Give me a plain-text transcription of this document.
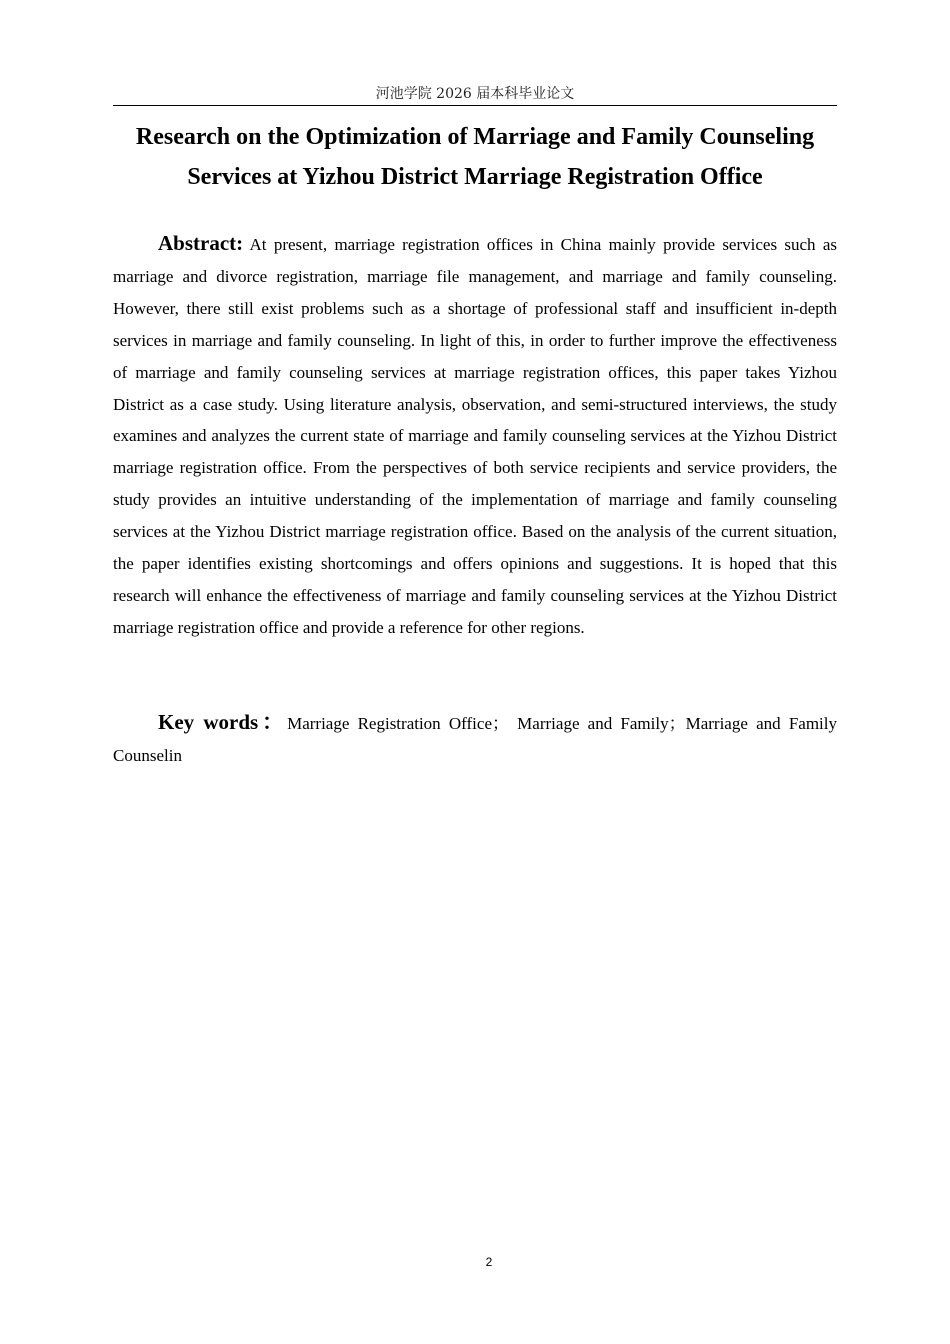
河池学院 2026 届本科毕业论文
Research on the Optimization of Marriage and Family Counseling
Services at Yizhou District Marriage Registration Office

Abstract: At present, marriage registration offices in China mainly provide services such as marriage and divorce registration, marriage file management, and marriage and family counseling. However, there still exist problems such as a shortage of professional staff and insufficient in-depth services in marriage and family counseling. In light of this, in order to further improve the effectiveness of marriage and family counseling services at marriage registration offices, this paper takes Yizhou District as a case study. Using literature analysis, observation, and semi-structured interviews, the study examines and analyzes the current state of marriage and family counseling services at the Yizhou District marriage registration office. From the perspectives of both service recipients and service providers, the study provides an intuitive understanding of the implementation of marriage and family counseling services at the Yizhou District marriage registration office. Based on the analysis of the current situation, the paper identifies existing shortcomings and offers opinions and suggestions. It is hoped that this research will enhance the effectiveness of marriage and family counseling services at the Yizhou District marriage registration office and provide a reference for other regions.

Key words：Marriage Registration Office； Marriage and Family；Marriage and Family Counselin

2
